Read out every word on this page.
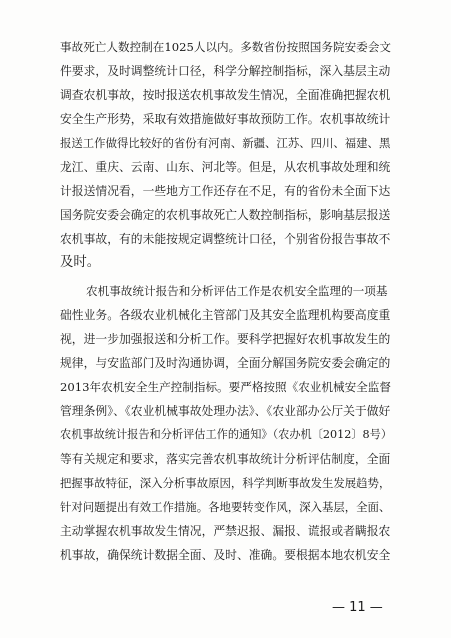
事故死亡人数控制在1025人以内。多数省份按照国务院安委会文
件要求，及时调整统计口径，科学分解控制指标，深入基层主动
调查农机事故，按时报送农机事故发生情况，全面准确把握农机
安全生产形势，采取有效措施做好事故预防工作。农机事故统计
报送工作做得比较好的省份有河南、新疆、江苏、四川、福建、黑
龙江、重庆、云南、山东、河北等。但是，从农机事故处理和统
计报送情况看，一些地方工作还存在不足，有的省份未全面下达
国务院安委会确定的农机事故死亡人数控制指标，影响基层报送
农机事故，有的未能按规定调整统计口径，个别省份报告事故不
及时。
农机事故统计报告和分析评估工作是农机安全监理的一项基
础性业务。各级农业机械化主管部门及其安全监理机构要高度重
视，进一步加强报送和分析工作。要科学把握好农机事故发生的
规律，与安监部门及时沟通协调，全面分解国务院安委会确定的
2013年农机安全生产控制指标。要严格按照《农业机械安全监督
管理条例》、《农业机械事故处理办法》、《农业部办公厅关于做好
农机事故统计报告和分析评估工作的通知》（农办机〔2012〕8号）
等有关规定和要求，落实完善农机事故统计分析评估制度，全面
把握事故特征，深入分析事故原因，科学判断事故发生发展趋势，
针对问题提出有效工作措施。各地要转变作风，深入基层，全面、
主动掌握农机事故发生情况，严禁迟报、漏报、谎报或者瞒报农
机事故，确保统计数据全面、及时、准确。要根据本地农机安全
— 11 —
